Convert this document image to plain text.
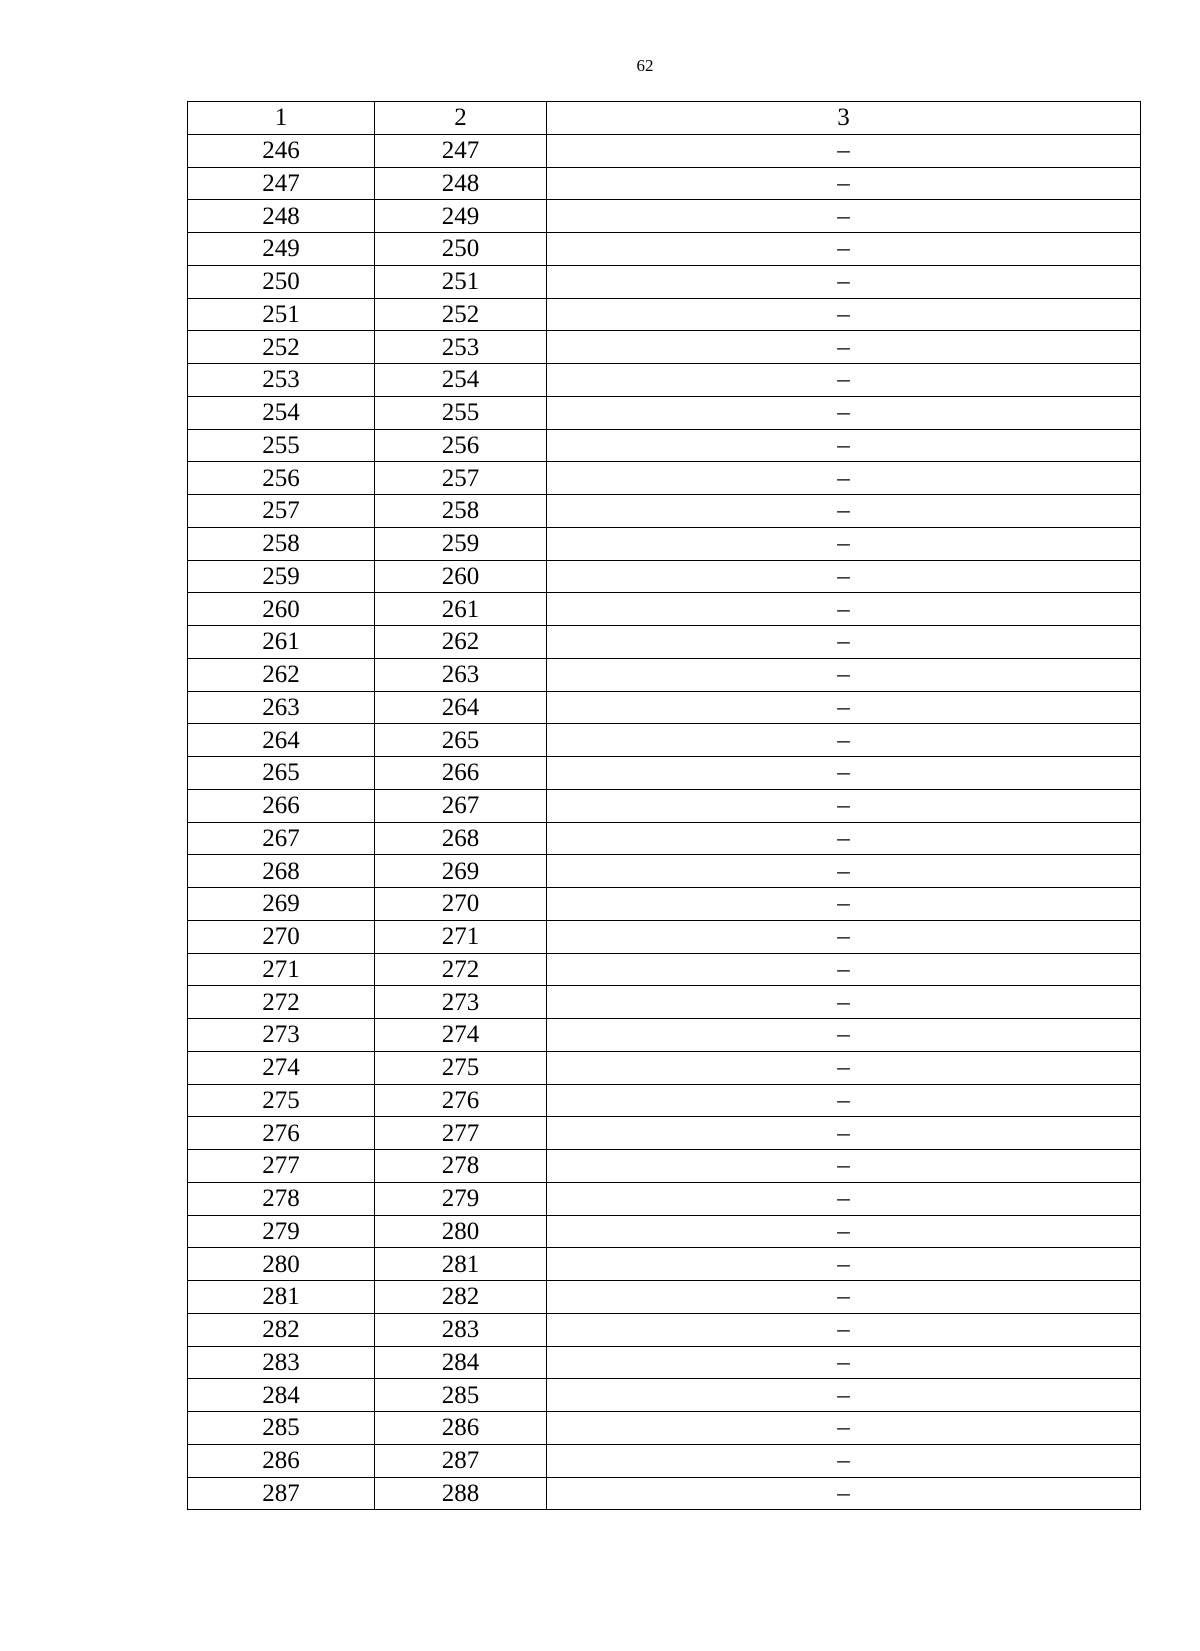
62
1	2	3
246	247	–
247	248	–
248	249	–
249	250	–
250	251	–
251	252	–
252	253	–
253	254	–
254	255	–
255	256	–
256	257	–
257	258	–
258	259	–
259	260	–
260	261	–
261	262	–
262	263	–
263	264	–
264	265	–
265	266	–
266	267	–
267	268	–
268	269	–
269	270	–
270	271	–
271	272	–
272	273	–
273	274	–
274	275	–
275	276	–
276	277	–
277	278	–
278	279	–
279	280	–
280	281	–
281	282	–
282	283	–
283	284	–
284	285	–
285	286	–
286	287	–
287	288	–
